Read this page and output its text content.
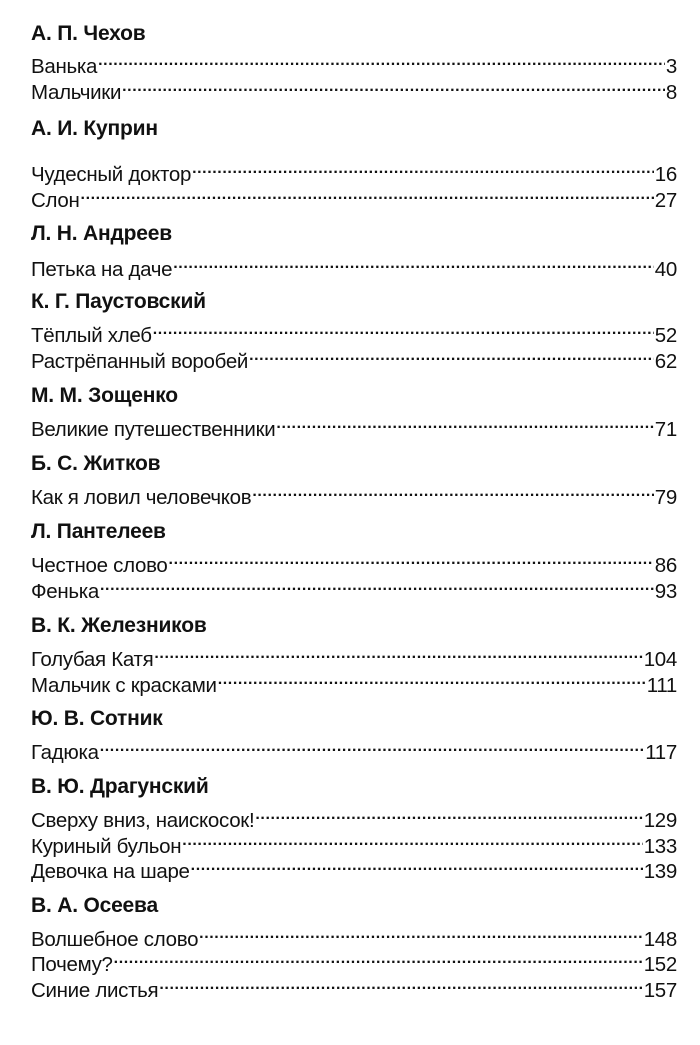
А. П. Чехов
Ванька .....	3
Мальчики .....	8
А. И. Куприн
Чудесный доктор .....	16
Слон .....	27
Л. Н. Андреев
Петька на даче .....	40
К. Г. Паустовский
Тёплый хлеб .....	52
Растрёпанный воробей .....	62
М. М. Зощенко
Великие путешественники .....	71
Б. С. Житков
Как я ловил человечков .....	79
Л. Пантелеев
Честное слово .....	86
Фенька .....	93
В. К. Железников
Голубая Катя .....	104
Мальчик с красками .....	111
Ю. В. Сотник
Гадюка .....	117
В. Ю. Драгунский
Сверху вниз, наискосок! .....	129
Куриный бульон .....	133
Девочка на шаре .....	139
В. А. Осеева
Волшебное слово .....	148
Почему? .....	152
Синие листья .....	157
